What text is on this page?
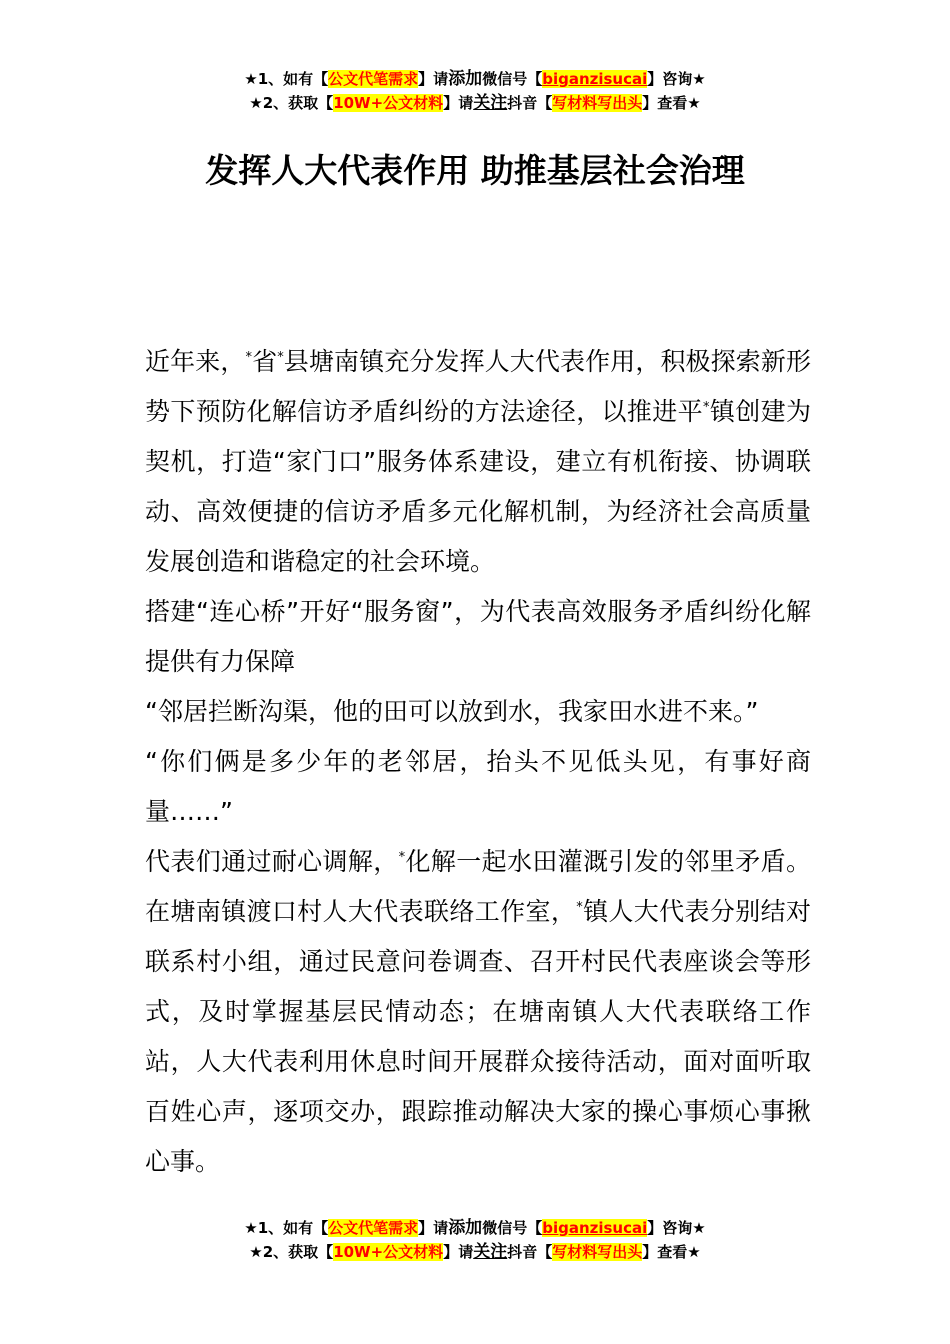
★1、如有【公文代笔需求】请添加微信号【biganzisucai】咨询★
★2、获取【10W+公文材料】请关注抖音【写材料写出头】查看★
发挥人大代表作用 助推基层社会治理

近年来，*省*县塘南镇充分发挥人大代表作用，积极探索新形势下预防化解信访矛盾纠纷的方法途径，以推进平*镇创建为契机，打造“家门口”服务体系建设，建立有机衔接、协调联动、高效便捷的信访矛盾多元化解机制，为经济社会高质量发展创造和谐稳定的社会环境。

搭建“连心桥”开好“服务窗”，为代表高效服务矛盾纠纷化解提供有力保障

“邻居拦断沟渠，他的田可以放到水，我家田水进不来。”

“你们俩是多少年的老邻居，抬头不见低头见，有事好商量……”

代表们通过耐心调解，*化解一起水田灌溉引发的邻里矛盾。在塘南镇渡口村人大代表联络工作室，*镇人大代表分别结对联系村小组，通过民意问卷调查、召开村民代表座谈会等形式，及时掌握基层民情动态；在塘南镇人大代表联络工作站，人大代表利用休息时间开展群众接待活动，面对面听取百姓心声，逐项交办，跟踪推动解决大家的操心事烦心事揪心事。

★1、如有【公文代笔需求】请添加微信号【biganzisucai】咨询★
★2、获取【10W+公文材料】请关注抖音【写材料写出头】查看★
